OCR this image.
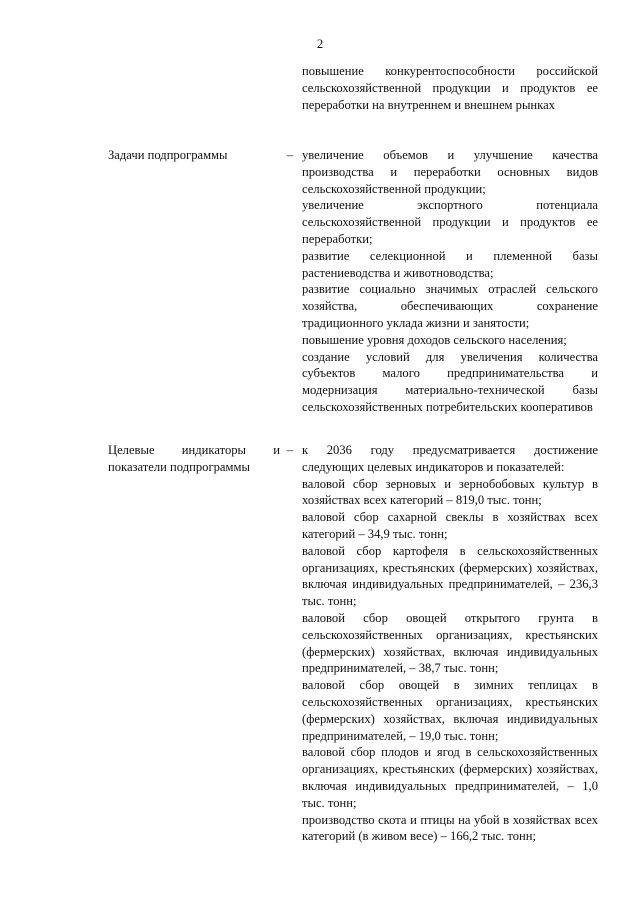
2

повышение конкурентоспособности российской сельскохозяйственной продукции и продуктов ее переработки на внутреннем и внешнем рынках

Задачи подпрограммы	– увеличение объемов и улучшение качества производства и переработки основных видов сельскохозяйственной продукции;

увеличение экспортного потенциала сельскохозяйственной продукции и продуктов ее переработки;

развитие селекционной и племенной базы растениеводства и животноводства;

развитие социально значимых отраслей сельского хозяйства, обеспечивающих сохранение традиционного уклада жизни и занятости;

повышение уровня доходов сельского населения;

создание условий для увеличения количества субъектов малого предпринимательства и модернизация материально-технической базы сельскохозяйственных потребительских кооперативов

Целевые индикаторы и показатели подпрограммы

– к 2036 году предусматривается достижение следующих целевых индикаторов и показателей:

валовой сбор зерновых и зернобобовых культур в хозяйствах всех категорий – 819,0 тыс. тонн;

валовой сбор сахарной свеклы в хозяйствах всех категорий – 34,9 тыс. тонн;

валовой сбор картофеля в сельскохозяйственных организациях, крестьянских (фермерских) хозяйствах, включая индивидуальных предпринимателей, – 236,3 тыс. тонн;

валовой сбор овощей открытого грунта в сельскохозяйственных организациях, крестьянских (фермерских) хозяйствах, включая индивидуальных предпринимателей, – 38,7 тыс. тонн;

валовой сбор овощей в зимних теплицах в сельскохозяйственных организациях, крестьянских (фермерских) хозяйствах, включая индивидуальных предпринимателей, – 19,0 тыс. тонн;

валовой сбор плодов и ягод в сельскохозяйственных организациях, крестьянских (фермерских) хозяйствах, включая индивидуальных предпринимателей, – 1,0 тыс. тонн;

производство скота и птицы на убой в хозяйствах всех категорий (в живом весе) – 166,2 тыс. тонн;
